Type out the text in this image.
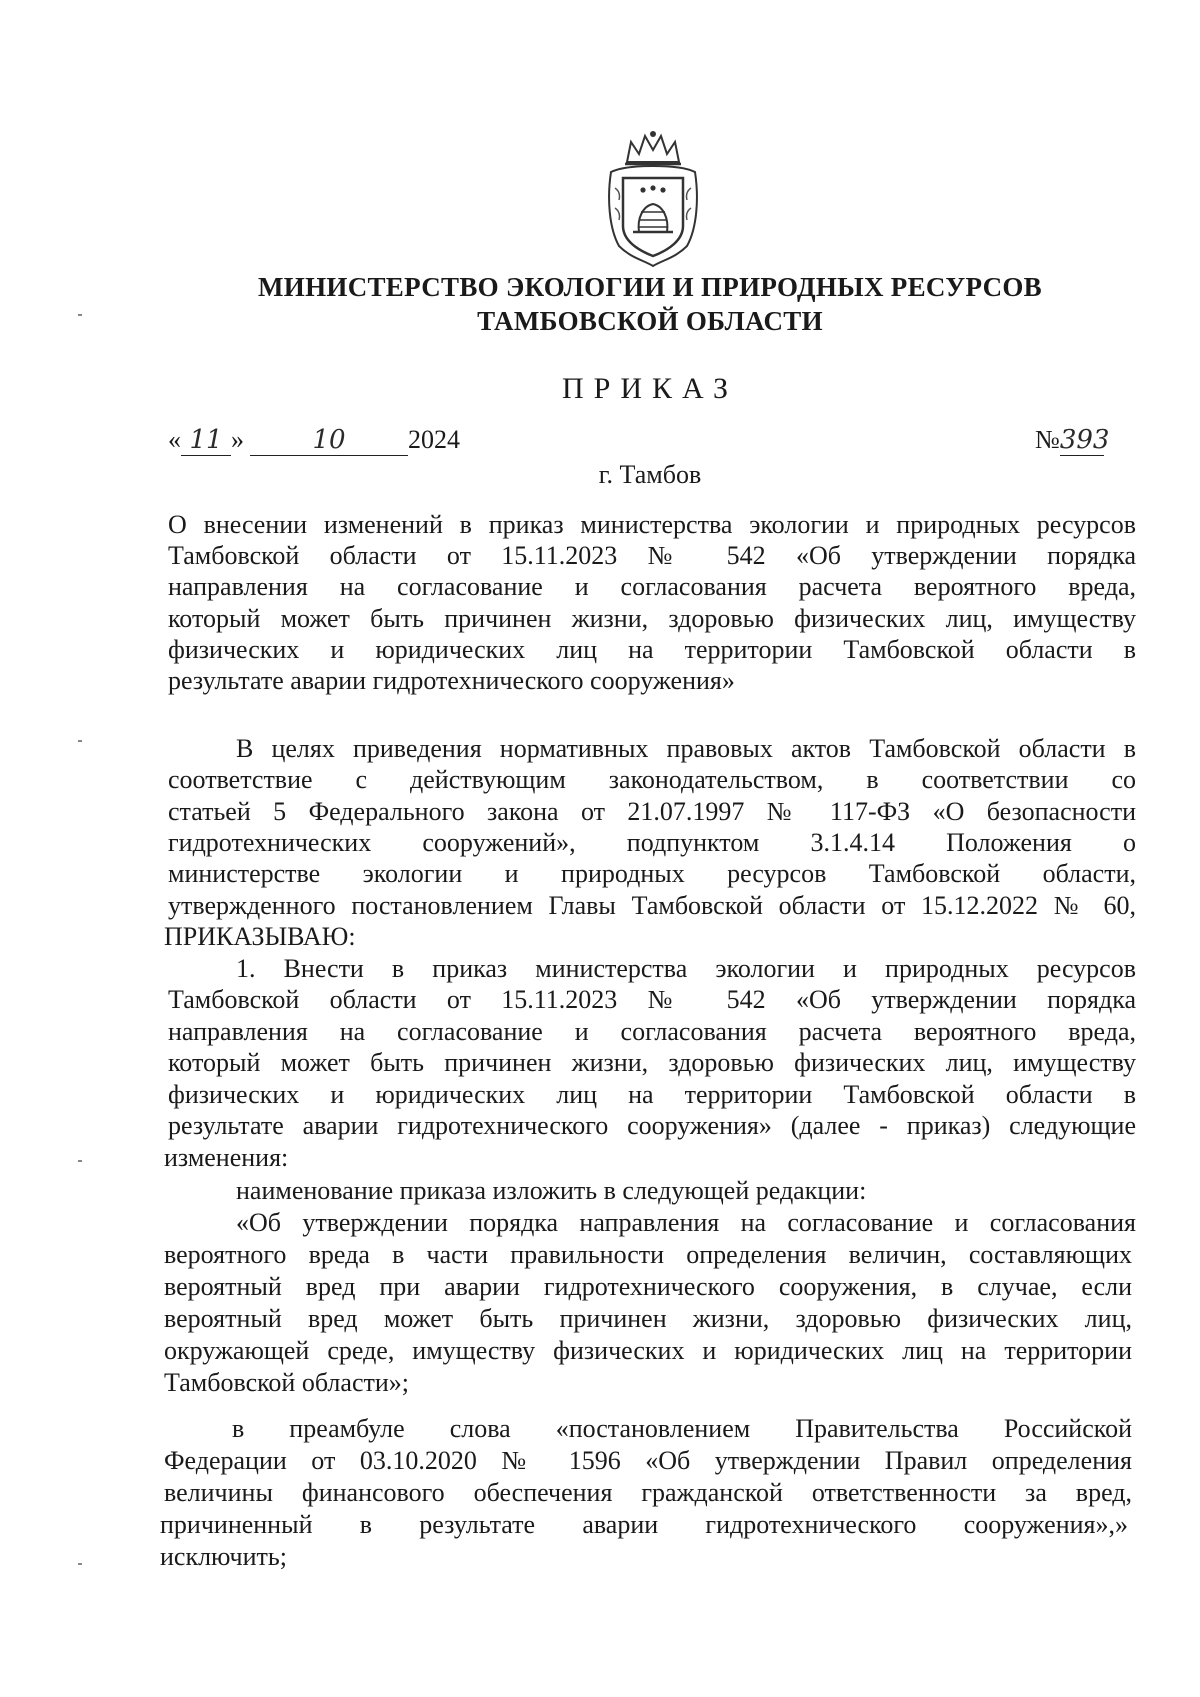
МИНИСТЕРСТВО ЭКОЛОГИИ И ПРИРОДНЫХ РЕСУРСОВ
ТАМБОВСКОЙ ОБЛАСТИ
ПРИКАЗ
« 11 »	10 2024	№393
г. Тамбов
О внесении изменений в приказ министерства экологии и природных ресурсов
Тамбовской области от 15.11.2023 № 542 «Об утверждении порядка
направления на согласование и согласования расчета вероятного вреда,
который может быть причинен жизни, здоровью физических лиц, имуществу
физических и юридических лиц на территории Тамбовской области в
результате аварии гидротехнического сооружения»
В целях приведения нормативных правовых актов Тамбовской области в
соответствие с действующим законодательством, в соответствии со
статьей 5 Федерального закона от 21.07.1997 № 117-ФЗ «О безопасности
гидротехнических сооружений», подпунктом 3.1.4.14 Положения о
министерстве экологии и природных ресурсов Тамбовской области,
утвержденного постановлением Главы Тамбовской области от 15.12.2022 № 60,
ПРИКАЗЫВАЮ:
1. Внести в приказ министерства экологии и природных ресурсов
Тамбовской области от 15.11.2023 № 542 «Об утверждении порядка
направления на согласование и согласования расчета вероятного вреда,
который может быть причинен жизни, здоровью физических лиц, имуществу
физических и юридических лиц на территории Тамбовской области в
результате аварии гидротехнического сооружения» (далее - приказ) следующие
изменения:
наименование приказа изложить в следующей редакции:
«Об утверждении порядка направления на согласование и согласования
вероятного вреда в части правильности определения величин, составляющих
вероятный вред при аварии гидротехнического сооружения, в случае, если
вероятный вред может быть причинен жизни, здоровью физических лиц,
окружающей среде, имуществу физических и юридических лиц на территории
Тамбовской области»;
в преамбуле слова «постановлением Правительства Российской
Федерации от 03.10.2020 № 1596 «Об утверждении Правил определения
величины финансового обеспечения гражданской ответственности за вред,
причиненный в результате аварии гидротехнического сооружения»,»
исключить;
